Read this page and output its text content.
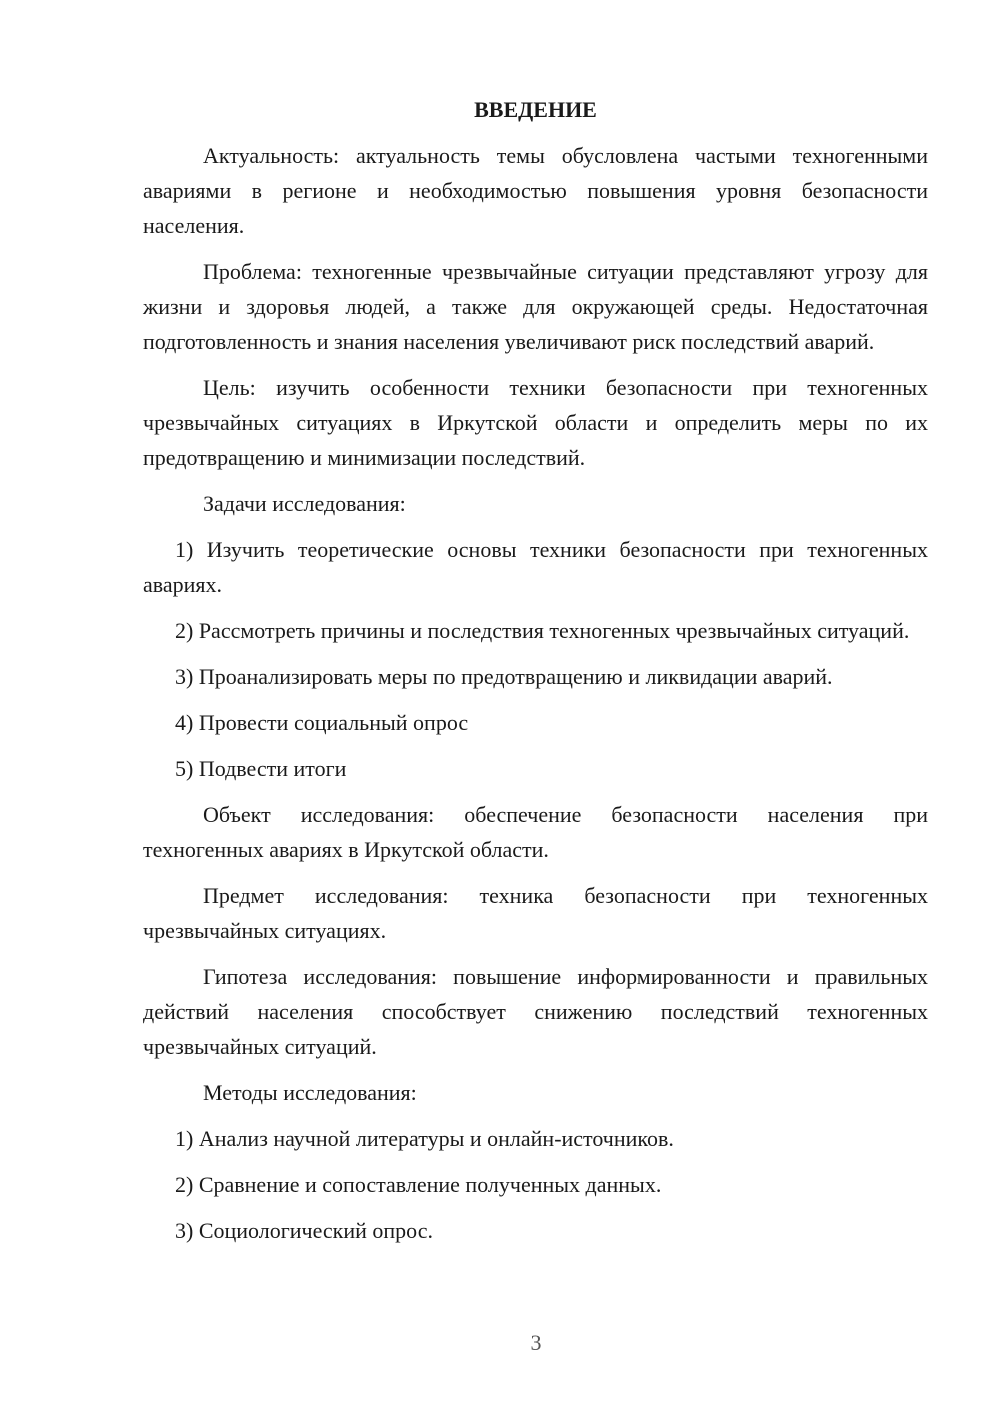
ВВЕДЕНИЕ

Актуальность: актуальность темы обусловлена частыми техногенными авариями в регионе и необходимостью повышения уровня безопасности населения.

Проблема: техногенные чрезвычайные ситуации представляют угрозу для жизни и здоровья людей, а также для окружающей среды. Недостаточная подготовленность и знания населения увеличивают риск последствий аварий.

Цель: изучить особенности техники безопасности при техногенных чрезвычайных ситуациях в Иркутской области и определить меры по их предотвращению и минимизации последствий.

Задачи исследования:

1) Изучить теоретические основы техники безопасности при техногенных авариях.

2) Рассмотреть причины и последствия техногенных чрезвычайных ситуаций.

3) Проанализировать меры по предотвращению и ликвидации аварий.

4) Провести социальный опрос

5) Подвести итоги

Объект исследования: обеспечение безопасности населения при техногенных авариях в Иркутской области.

Предмет исследования: техника безопасности при техногенных чрезвычайных ситуациях.

Гипотеза исследования: повышение информированности и правильных действий населения способствует снижению последствий техногенных чрезвычайных ситуаций.

Методы исследования:

1) Анализ научной литературы и онлайн-источников.

2) Сравнение и сопоставление полученных данных.

3) Социологический опрос.

3
